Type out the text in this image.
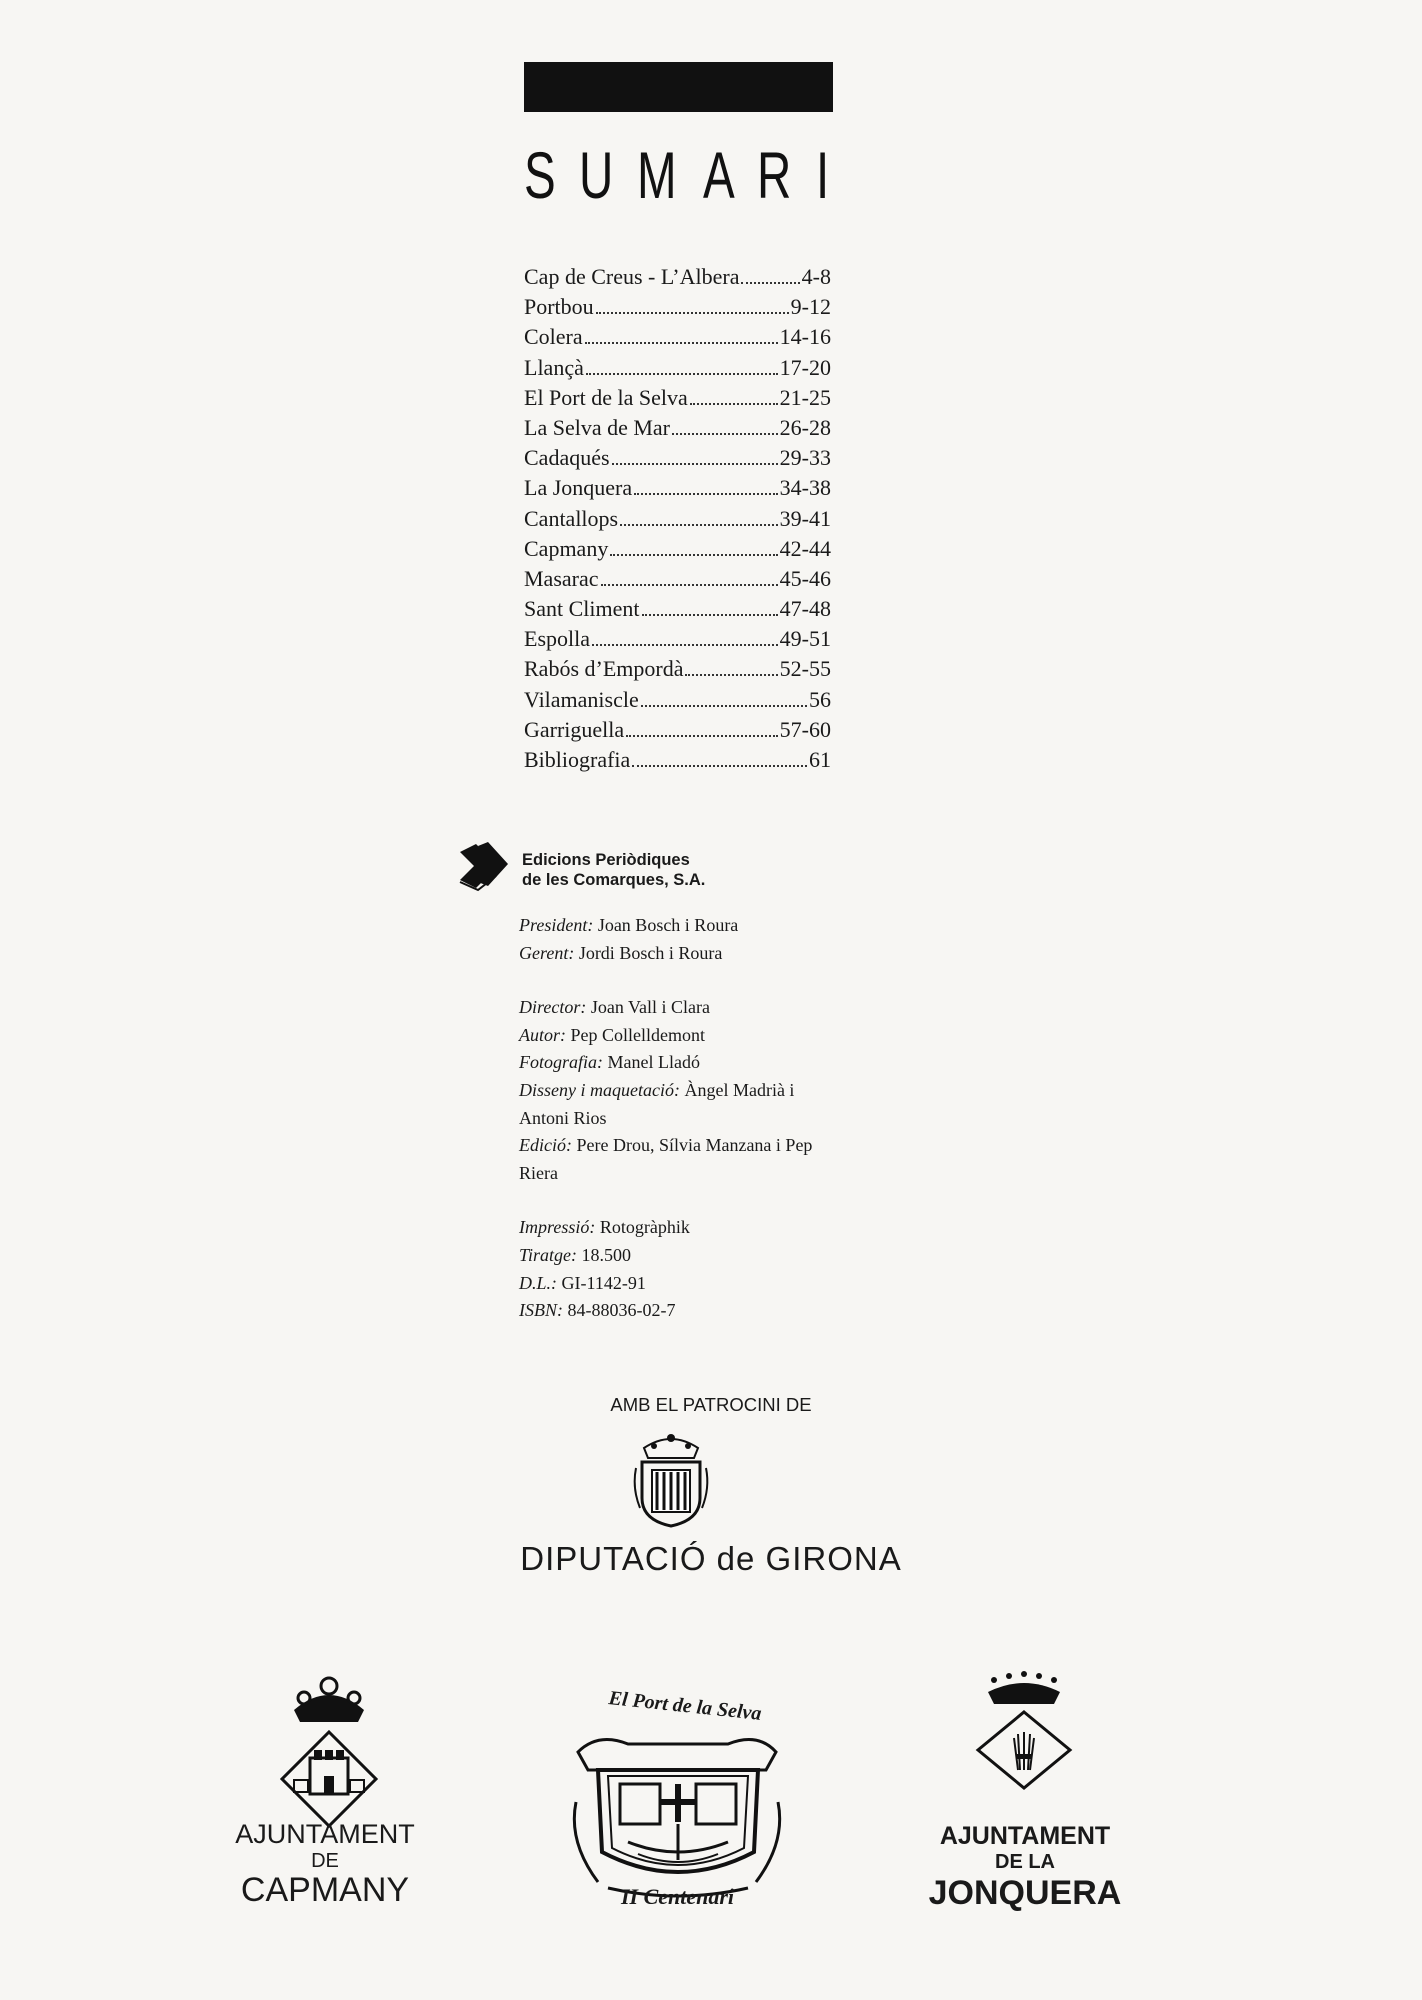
S U M A R I
Cap de Creus - L’Albera	4-8
Portbou	9-12
Colera	14-16
Llançà	17-20
El Port de la Selva	21-25
La Selva de Mar	26-28
Cadaqués	29-33
La Jonquera	34-38
Cantallops	39-41
Capmany	42-44
Masarac	45-46
Sant Climent	47-48
Espolla	49-51
Rabós d’Empordà	52-55
Vilamaniscle	56
Garriguella	57-60
Bibliografia	61
Edicions Periòdiques
de les Comarques, S.A.
President: Joan Bosch i Roura
Gerent: Jordi Bosch i Roura
Director: Joan Vall i Clara
Autor: Pep Collelldemont
Fotografia: Manel Lladó
Disseny i maquetació: Àngel Madrià i Antoni Rios
Edició: Pere Drou, Sílvia Manzana i Pep Riera
Impressió: Rotogràphik
Tiratge: 18.500
D.L.: GI-1142-91
ISBN: 84-88036-02-7
AMB EL PATROCINI DE
DIPUTACIÓ de GIRONA
AJUNTAMENT
DE
CAPMANY
El Port de la Selva
II Centenari
AJUNTAMENT
DE LA
JONQUERA
